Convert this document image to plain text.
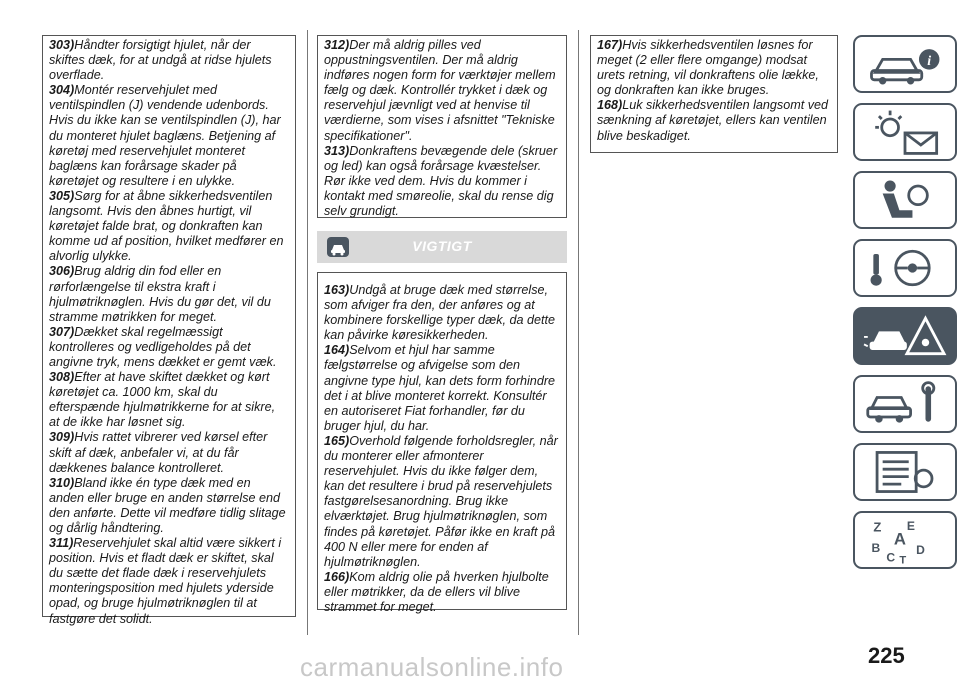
303)Håndter forsigtigt hjulet, når der skiftes dæk, for at undgå at ridse hjulets overflade.

304)Montér reservehjulet med ventilspindlen (J) vendende udenbords. Hvis du ikke kan se ventilspindlen (J), har du monteret hjulet baglæns. Betjening af køretøj med reservehjulet monteret baglæns kan forårsage skader på køretøjet og resultere i en ulykke.

305)Sørg for at åbne sikkerhedsventilen langsomt. Hvis den åbnes hurtigt, vil køretøjet falde brat, og donkraften kan komme ud af position, hvilket medfører en alvorlig ulykke.

306)Brug aldrig din fod eller en rørforlængelse til ekstra kraft i hjulmøtriknøglen. Hvis du gør det, vil du stramme møtrikken for meget.

307)Dækket skal regelmæssigt kontrolleres og vedligeholdes på det angivne tryk, mens dækket er gemt væk.

308)Efter at have skiftet dækket og kørt køretøjet ca. 1000 km, skal du efterspænde hjulmøtrikkerne for at sikre, at de ikke har løsnet sig.

309)Hvis rattet vibrerer ved kørsel efter skift af dæk, anbefaler vi, at du får dækkenes balance kontrolleret.

310)Bland ikke én type dæk med en anden eller bruge en anden størrelse end den anførte. Dette vil medføre tidlig slitage og dårlig håndtering.

311)Reservehjulet skal altid være sikkert i position. Hvis et fladt dæk er skiftet, skal du sætte det flade dæk i reservehjulets monteringsposition med hjulets yderside opad, og bruge hjulmøtriknøglen til at fastgøre det solidt.

312)Der må aldrig pilles ved oppustningsventilen. Der må aldrig indføres nogen form for værktøjer mellem fælg og dæk. Kontrollér trykket i dæk og reservehjul jævnligt ved at henvise til værdierne, som vises i afsnittet "Tekniske specifikationer".

313)Donkraftens bevægende dele (skruer og led) kan også forårsage kvæstelser. Rør ikke ved dem. Hvis du kommer i kontakt med smøreolie, skal du rense dig selv grundigt.

VIGTIGT

163)Undgå at bruge dæk med størrelse, som afviger fra den, der anføres og at kombinere forskellige typer dæk, da dette kan påvirke køresikkerheden.

164)Selvom et hjul har samme fælgstørrelse og afvigelse som den angivne type hjul, kan dets form forhindre det i at blive monteret korrekt. Konsultér en autoriseret Fiat forhandler, før du bruger hjul, du har.

165)Overhold følgende forholdsregler, når du monterer eller afmonterer reservehjulet. Hvis du ikke følger dem, kan det resultere i brud på reservehjulets fastgørelsesanordning. Brug ikke elværktøjet. Brug hjulmøtriknøglen, som findes på køretøjet. Påfør ikke en kraft på 400 N eller mere for enden af hjulmøtriknøglen.

166)Kom aldrig olie på hverken hjulbolte eller møtrikker, da de ellers vil blive strammet for meget.

167)Hvis sikkerhedsventilen løsnes for meget (2 eller flere omgange) modsat urets retning, vil donkraftens olie lække, og donkraften kan ikke bruges.

168)Luk sikkerhedsventilen langsomt ved sænkning af køretøjet, ellers kan ventilen blive beskadiget.

i
Z E
A
B	D
C T
225
carmanualsonline.info
